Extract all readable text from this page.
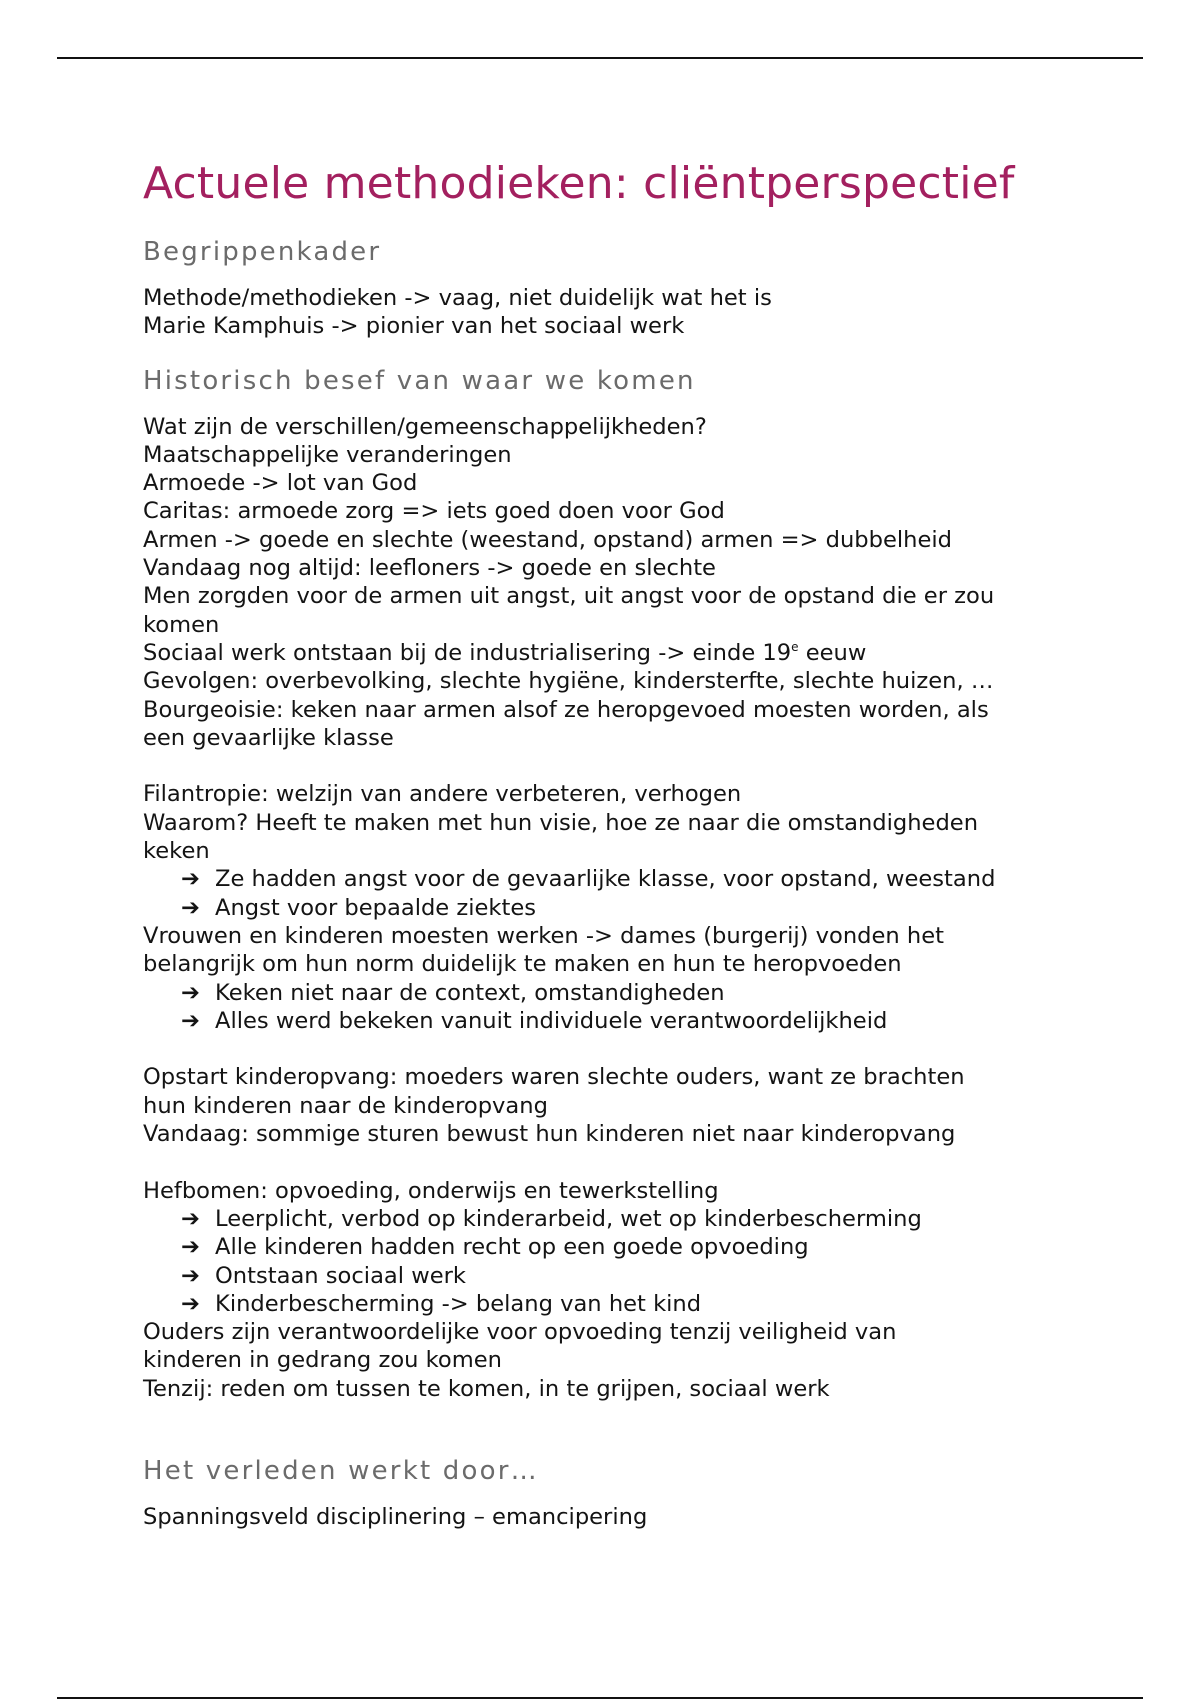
Actuele methodieken: cliëntperspectief
Begrippenkader
Methode/methodieken -> vaag, niet duidelijk wat het is
Marie Kamphuis -> pionier van het sociaal werk
Historisch besef van waar we komen
Wat zijn de verschillen/gemeenschappelijkheden?
Maatschappelijke veranderingen
Armoede -> lot van God
Caritas: armoede zorg => iets goed doen voor God
Armen -> goede en slechte (weestand, opstand) armen => dubbelheid
Vandaag nog altijd: leefloners -> goede en slechte
Men zorgden voor de armen uit angst, uit angst voor de opstand die er zou
komen
Sociaal werk ontstaan bij de industrialisering -> einde 19e eeuw
Gevolgen: overbevolking, slechte hygiëne, kindersterfte, slechte huizen, …
Bourgeoisie: keken naar armen alsof ze heropgevoed moesten worden, als
een gevaarlijke klasse
Filantropie: welzijn van andere verbeteren, verhogen
Waarom? Heeft te maken met hun visie, hoe ze naar die omstandigheden
keken
➔ Ze hadden angst voor de gevaarlijke klasse, voor opstand, weestand
➔ Angst voor bepaalde ziektes
Vrouwen en kinderen moesten werken -> dames (burgerij) vonden het
belangrijk om hun norm duidelijk te maken en hun te heropvoeden
➔ Keken niet naar de context, omstandigheden
➔ Alles werd bekeken vanuit individuele verantwoordelijkheid
Opstart kinderopvang: moeders waren slechte ouders, want ze brachten
hun kinderen naar de kinderopvang
Vandaag: sommige sturen bewust hun kinderen niet naar kinderopvang
Hefbomen: opvoeding, onderwijs en tewerkstelling
➔ Leerplicht, verbod op kinderarbeid, wet op kinderbescherming
➔ Alle kinderen hadden recht op een goede opvoeding
➔ Ontstaan sociaal werk
➔ Kinderbescherming -> belang van het kind
Ouders zijn verantwoordelijke voor opvoeding tenzij veiligheid van
kinderen in gedrang zou komen
Tenzij: reden om tussen te komen, in te grijpen, sociaal werk
Het verleden werkt door…
Spanningsveld disciplinering – emancipering
